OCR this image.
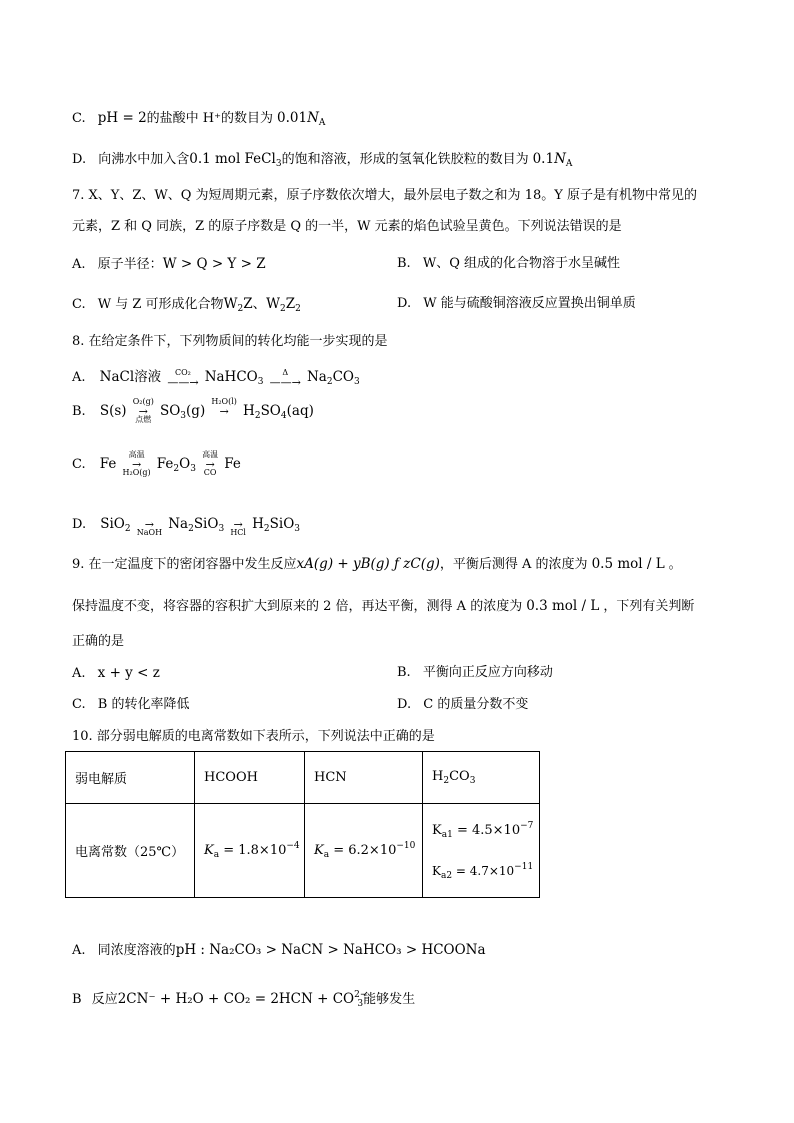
C. pH = 2的盐酸中 H⁺的数目为 $0.01N_A$
D. 向沸水中加入含0.1 mol FeCl$_3$的饱和溶液，形成的氢氧化铁胶粒的数目为 $0.1N_A$
7. X、Y、Z、W、Q 为短周期元素，原子序数依次增大，最外层电子数之和为 18。Y 原子是有机物中常见的
元素，Z 和 Q 同族，Z 的原子序数是 Q 的一半，W 元素的焰色试验呈黄色。下列说法错误的是
A. 原子半径：W > Q > Y > Z	B. W、Q 组成的化合物溶于水呈碱性
C. W 与 Z 可形成化合物$W_2Z$、$W_2Z_2$	D. W 能与硫酸铜溶液反应置换出铜单质
8. 在给定条件下，下列物质间的转化均能一步实现的是
A. NaCl溶液	CO₂
——→ NaHCO$_3$
Δ
——→ $Na_2CO_3$
B. S(s)
O₂(g)
→
点燃
$SO_3(g)$
H₂O(l)
→	$H_2SO_4(aq)$
C. Fe
高温
→
H₂O(g)
$Fe_2O_3$
高温
→
CO
Fe
D. SiO$_2$	→
NaOH
$Na_2SiO_3$ →
HCl
$H_2SiO_3$
9. 在一定温度下的密闭容器中发生反应xA(g) + yB(g) ƒ zC(g)，平衡后测得 A 的浓度为 0.5 mol / L 。
保持温度不变，将容器的容积扩大到原来的 2 倍，再达平衡，测得 A 的浓度为 0.3 mol / L ，下列有关判断
正确的是
A. x + y < z	B. 平衡向正反应方向移动
C. B 的转化率降低	D. C 的质量分数不变
10. 部分弱电解质的电离常数如下表所示，下列说法中正确的是
弱电解质	HCOOH	HCN	$H_2CO_3$
电离常数（25℃）	$K_a = 1.8\times 10^{-4}$	$K_a = 6.2\times 10^{-10}$	$K_{a1} = 4.5\times 10^{-7}$
$K_{a2} = 4.7\times 10^{-11}$
A. 同浓度溶液的pH : Na₂CO₃ > NaCN > NaHCO₃ > HCOONa
B 反应$2CN^- + H_2O + CO_2 = 2HCN + CO^{2-}_3$能够发生
